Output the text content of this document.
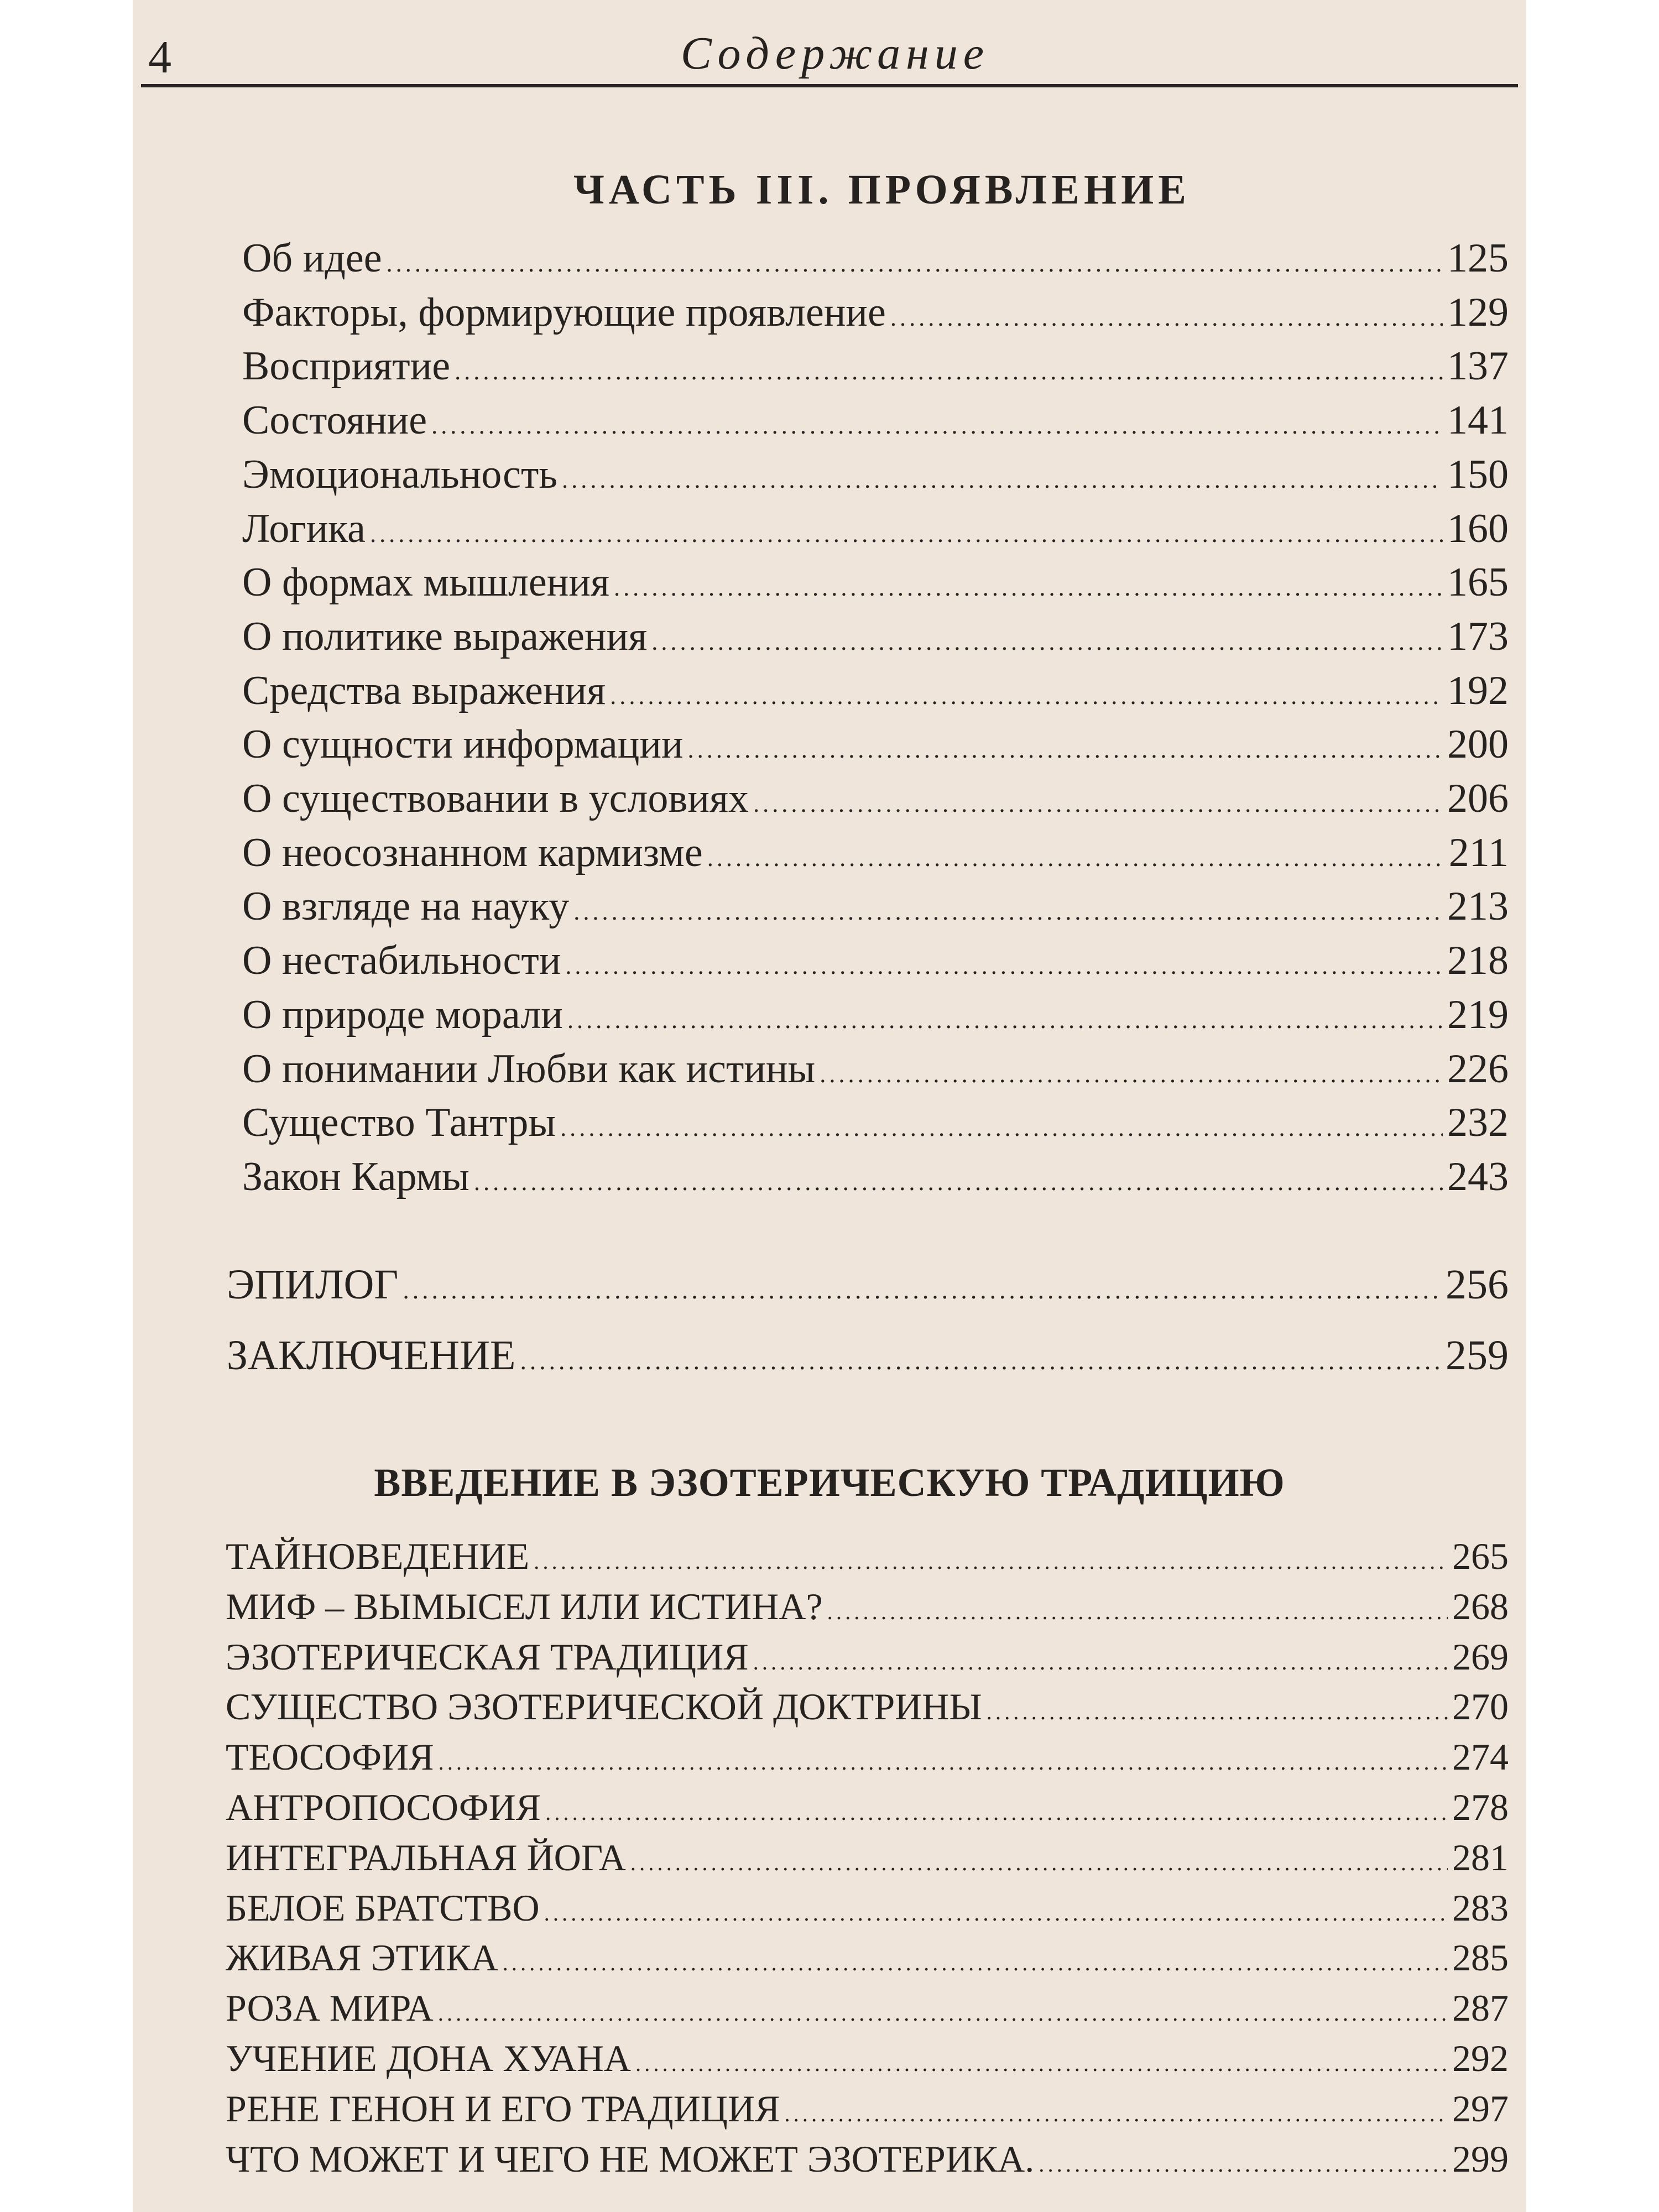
4	Содержание
ЧАСТЬ III. ПРОЯВЛЕНИЕ
Об идее .....	125
Факторы, формирующие проявление .....	129
Восприятие .....	137
Состояние .....	141
Эмоциональность .....	150
Логика .....	160
О формах мышления .....	165
О политике выражения .....	173
Средства выражения .....	192
О сущности информации .....	200
О существовании в условиях .....	206
О неосознанном кармизме .....	211
О взгляде на науку .....	213
О нестабильности .....	218
О природе морали .....	219
О понимании Любви как истины .....	226
Существо Тантры .....	232
Закон Кармы .....	243
ЭПИЛОГ .....	256
ЗАКЛЮЧЕНИЕ .....	259
ВВЕДЕНИЕ В ЭЗОТЕРИЧЕСКУЮ ТРАДИЦИЮ
ТАЙНОВЕДЕНИЕ .....	265
МИФ – ВЫМЫСЕЛ ИЛИ ИСТИНА? .....	268
ЭЗОТЕРИЧЕСКАЯ ТРАДИЦИЯ .....	269
СУЩЕСТВО ЭЗОТЕРИЧЕСКОЙ ДОКТРИНЫ .....	270
ТЕОСОФИЯ .....	274
АНТРОПОСОФИЯ .....	278
ИНТЕГРАЛЬНАЯ ЙОГА .....	281
БЕЛОЕ БРАТСТВО .....	283
ЖИВАЯ ЭТИКА .....	285
РОЗА МИРА .....	287
УЧЕНИЕ ДОНА ХУАНА .....	292
РЕНЕ ГЕНОН И ЕГО ТРАДИЦИЯ .....	297
ЧТО МОЖЕТ И ЧЕГО НЕ МОЖЕТ ЭЗОТЕРИКА. .....	299
